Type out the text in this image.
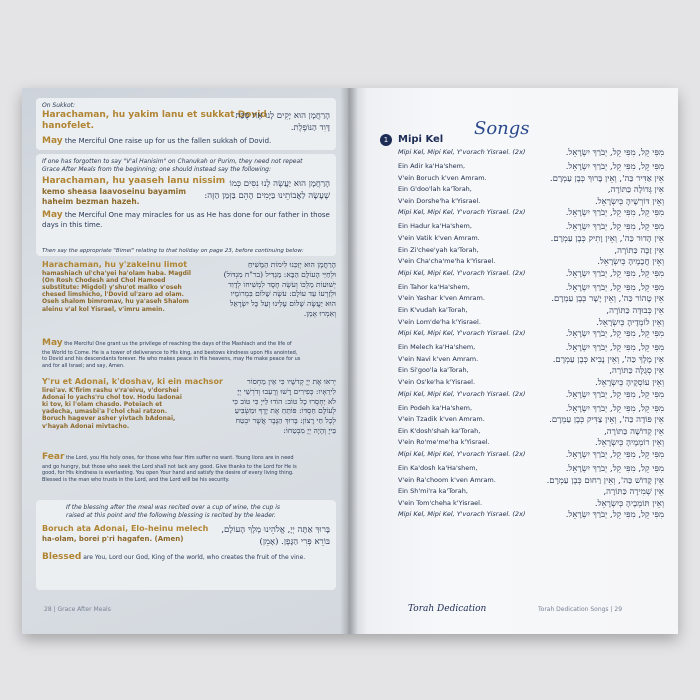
On Sukkot:
Harachaman, hu yakim lanu et sukkat Dovid
hanofelet.
הָרַחֲמָן הוּא יָקִים לָנוּ אֶת סֻכַּת
דָּוִד הַנּוֹפֶלֶת.
May the Merciful One raise up for us the fallen sukkah of Dovid.
If one has forgotten to say "V'al Hanisim" on Chanukah or Purim, they need not repeat
Grace After Meals from the beginning; one should instead say the following:
Harachaman, hu yaaseh lanu nissim
kemo sheasa laavoseinu bayamim
haheim bezman hazeh.
הָרַחֲמָן הוּא יַעֲשֶׂה לָנוּ נִסִּים כְּמוֹ
שֶׁעָשָׂה לַאֲבוֹתֵינוּ בַּיָּמִים הָהֵם בַּזְּמַן הַזֶּה:
May the Merciful One may miracles for us as He has done for our father in those
days in this time.
Then say the appropriate "Bimei" relating to that holiday on page 23, before continuing below:
Harachaman, hu y'zakeinu limot
hamashiach ul'cha'yei ha'olam haba. Magdil
(On Rosh Chodesh and Chol Hamoed
substitute: Migdol) y'shu'ot malko v'oseh
chesed limshicho, l'Dovid ul'zaro ad olam.
Oseh shalom bimromav, hu ya'aseh Shalom
aleinu v'al kol Yisrael, v'imru amein.
הָרַחֲמָן הוּא יְזַכֵּנוּ לִימוֹת הַמָּשִׁיחַ
וּלְחַיֵּי הָעוֹלָם הַבָּא: מַגְדִּיל (בר"ח מִגְדּוֹל)
יְשׁוּעוֹת מַלְכּוֹ וְעֹשֶׂה חֶסֶד לִמְשִׁיחוֹ לְדָוִד
וּלְזַרְעוֹ עַד עוֹלָם: עֹשֶׂה שָׁלוֹם בִּמְרוֹמָיו
הוּא יַעֲשֶׂה שָׁלוֹם עָלֵינוּ וְעַל כָּל יִשְׂרָאֵל
וְאִמְרוּ אָמֵן.
May the Merciful One grant us the privilege of reaching the days of the Mashiach and the life of
the World to Come. He is a tower of deliverance to His king, and bestows kindness upon His anointed,
to Dovid and his descendants forever. He who makes peace in His heavens, may He make peace for us
and for all Israel; and say, Amen.
Y'ru et Adonai, k'doshav, ki ein machsor
lirei'av. K'firim rashu v'ra'eivu, v'dorshei
Adonai lo yachs'ru chol tov. Hodu ladonai
ki tov, ki l'olam chasdo. Poteiach et
yadecha, umasbi'a l'chol chai ratzon.
Boruch hagever asher yivtach bAdonai,
v'hayah Adonai mivtacho.
יְראוּ אֶת יְיָ קְדשָׁיו כִּי אֵין מַחְסוֹר
לִירֵאָיו: כְּפִירִים רָשׁוּ וְרָעֵבוּ וְדֹרְשֵׁי יְיָ
לֹא יַחְסְרוּ כָל טוֹב: הוֹדוּ לַייָ כִּי טוֹב כִּי
לְעוֹלָם חַסְדּוֹ: פּוֹתֵחַ אֶת יָדֶךָ וּמַשְׂבִּיעַ
לְכָל חַי רָצוֹן: בָּרוּךְ הַגֶּבֶר אֲשֶׁר יִבְטַח
בַּייָ וְהָיָה יְיָ מִבְטַחוֹ:
Fear the Lord, you His holy ones, for those who fear Him suffer no want. Young lions are in need
and go hungry, but those who seek the Lord shall not lack any good. Give thanks to the Lord for He is
good, for His kindness is everlasting. You open Your hand and satisfy the desire of every living thing.
Blessed is the man who trusts in the Lord, and the Lord will be his security.
If the blessing after the meal was recited over a cup of wine, the cup is
raised at this point and the following blessing is recited by the leader.
Boruch ata Adonai, Elo-heinu melech
ha-olam, borei p'ri hagafen. (Amen)
בָּרוּךְ אַתָּה יְיָ, אֱלֹהֵינוּ מֶלֶךְ הָעוֹלָם,
בּוֹרֵא פְּרִי הַגָּפֶן. (אָמֵן)
Blessed are You, Lord our God, King of the world, who creates the fruit of the vine.
28 | Grace After Meals
Songs
1 Mipi Kel
Mipi Kel, Mipi Kel, Y'vorach Yisrael. (2x)	מִפִּי קֵל, מִפִּי קֵל, יְבֹרַךְ יִשְׂרָאֵל.
Ein Adir ka'Ha'shem,	מִפִּי קֵל, מִפִּי קֵל, יְבֹרַךְ יִשְׂרָאֵל.
V'ein Boruch k'ven Amram.	אֵין אַדִּיר כַּה', וְאֵין בָּרוּךְ כְּבֶן עַמְרָם.
Ein G'doo'lah ka'Torah,	אֵין גְּדוֹלָה כַּתּוֹרָה,
V'ein Dorshe'ha k'Yisrael.	וְאֵין דּוֹרְשֶׁיהָ כְּיִשְׂרָאֵל.
Mipi Kel, Mipi Kel, Y'vorach Yisrael. (2x)	מִפִּי קֵל, מִפִּי קֵל, יְבֹרַךְ יִשְׂרָאֵל.
Ein Hadur ka'Ha'shem,	מִפִּי קֵל, מִפִּי קֵל, יְבֹרַךְ יִשְׂרָאֵל.
V'ein Vatik k'ven Amram.	אֵין הָדוּר כַּה', וְאֵין וָתִיק כְּבֶן עַמְרָם.
Ein Zi'chee'yah ka'Torah,	אֵין זַכָּה כַּתּוֹרָה,
V'ein Cha'cha'me'ha k'Yisrael.	וְאֵין חֲכָמֶיהָ כְּיִשְׂרָאֵל.
Mipi Kel, Mipi Kel, Y'vorach Yisrael. (2x)	מִפִּי קֵל, מִפִּי קֵל, יְבֹרַךְ יִשְׂרָאֵל.
Ein Tahor ka'Ha'shem,	מִפִּי קֵל, מִפִּי קֵל, יְבֹרַךְ יִשְׂרָאֵל.
V'ein Yashar k'ven Amram.	אֵין טָהוֹר כַּה', וְאֵין יָשָׁר כְּבֶן עַמְרָם.
Ein K'vudah ka'Torah,	אֵין כְּבוּדָּה כַּתּוֹרָה,
V'ein Lom'de'ha k'Yisrael.	וְאֵין לוֹמְדֶיהָ כְּיִשְׂרָאֵל.
Mipi Kel, Mipi Kel, Y'vorach Yisrael. (2x)	מִפִּי קֵל, מִפִּי קֵל, יְבֹרַךְ יִשְׂרָאֵל.
Ein Melech ka'Ha'shem,	מִפִּי קֵל, מִפִּי קֵל, יְבֹרַךְ יִשְׂרָאֵל.
V'ein Navi k'ven Amram.	אֵין מֶלֶךְ כַּה', וְאֵין נָבִיא כְּבֶן עַמְרָם.
Ein Si'goo'la ka'Torah,	אֵין סְגֻלָּה כַּתּוֹרָה,
V'ein Os'ke'ha k'Yisrael.	וְאֵין עוֹסְקֶיהָ כְּיִשְׂרָאֵל.
Mipi Kel, Mipi Kel, Y'vorach Yisrael. (2x)	מִפִּי קֵל, מִפִּי קֵל, יְבֹרַךְ יִשְׂרָאֵל.
Ein Podeh ka'Ha'shem,	מִפִּי קֵל, מִפִּי קֵל, יְבֹרַךְ יִשְׂרָאֵל.
V'ein Tzadik k'ven Amram.	אֵין פּוֹדֶה כַּה', וְאֵין צַדִּיק כְּבֶן עַמְרָם.
Ein K'dosh'shah ka'Torah,	אֵין קְדוֹשָׁה כַּתּוֹרָה,
V'ein Ro'me'me'ha k'Yisrael.	וְאֵין רוֹמְמֶיהָ כְּיִשְׂרָאֵל.
Mipi Kel, Mipi Kel, Y'vorach Yisrael. (2x)	מִפִּי קֵל, מִפִּי קֵל, יְבֹרַךְ יִשְׂרָאֵל.
Ein Ka'dosh ka'Ha'shem,	מִפִּי קֵל, מִפִּי קֵל, יְבֹרַךְ יִשְׂרָאֵל.
V'ein Ra'choom k'ven Amram.	אֵין קָדוֹשׁ כַּה', וְאֵין רַחוּם כְּבֶן עַמְרָם.
Ein Sh'mi'ra ka'Torah,	אֵין שְׁמִירָה כַּתּוֹרָה,
V'ein Tom'cheha k'Yisrael.	וְאֵין תּוֹמְכֶיהָ כְּיִשְׂרָאֵל.
Mipi Kel, Mipi Kel, Y'vorach Yisrael. (2x)	מִפִּי קֵל, מִפִּי קֵל, יְבֹרַךְ יִשְׂרָאֵל.
Torah Dedication	Torah Dedication Songs | 29
